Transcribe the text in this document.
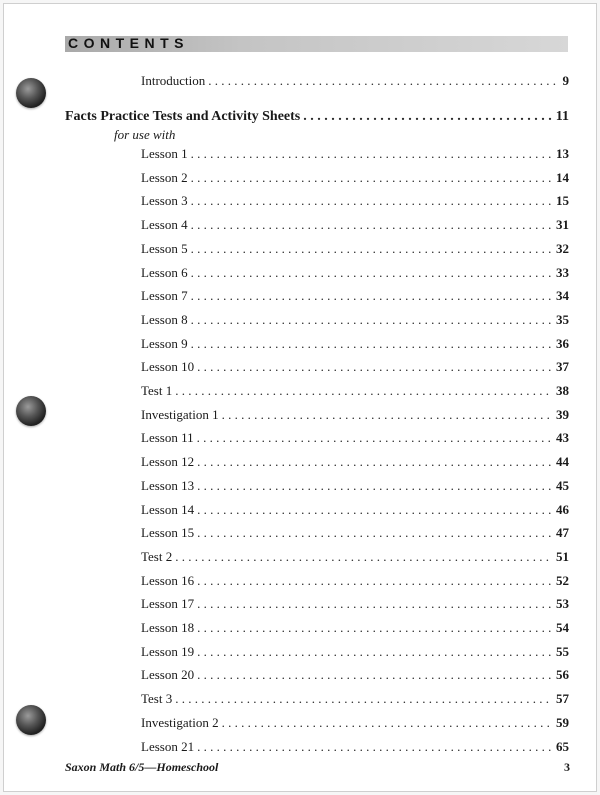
CONTENTS
Introduction . . .	9
Facts Practice Tests and Activity Sheets . . .	11
for use with
Lesson 1 . . .	13
Lesson 2 . . .	14
Lesson 3 . . .	15
Lesson 4 . . .	31
Lesson 5 . . .	32
Lesson 6 . . .	33
Lesson 7 . . .	34
Lesson 8 . . .	35
Lesson 9 . . .	36
Lesson 10 . . .	37
Test 1 . . .	38
Investigation 1 . . .	39
Lesson 11 . . .	43
Lesson 12 . . .	44
Lesson 13 . . .	45
Lesson 14 . . .	46
Lesson 15 . . .	47
Test 2 . . .	51
Lesson 16 . . .	52
Lesson 17 . . .	53
Lesson 18 . . .	54
Lesson 19 . . .	55
Lesson 20 . . .	56
Test 3 . . .	57
Investigation 2 . . .	59
Lesson 21 . . .	65
Saxon Math 6/5—Homeschool	3
